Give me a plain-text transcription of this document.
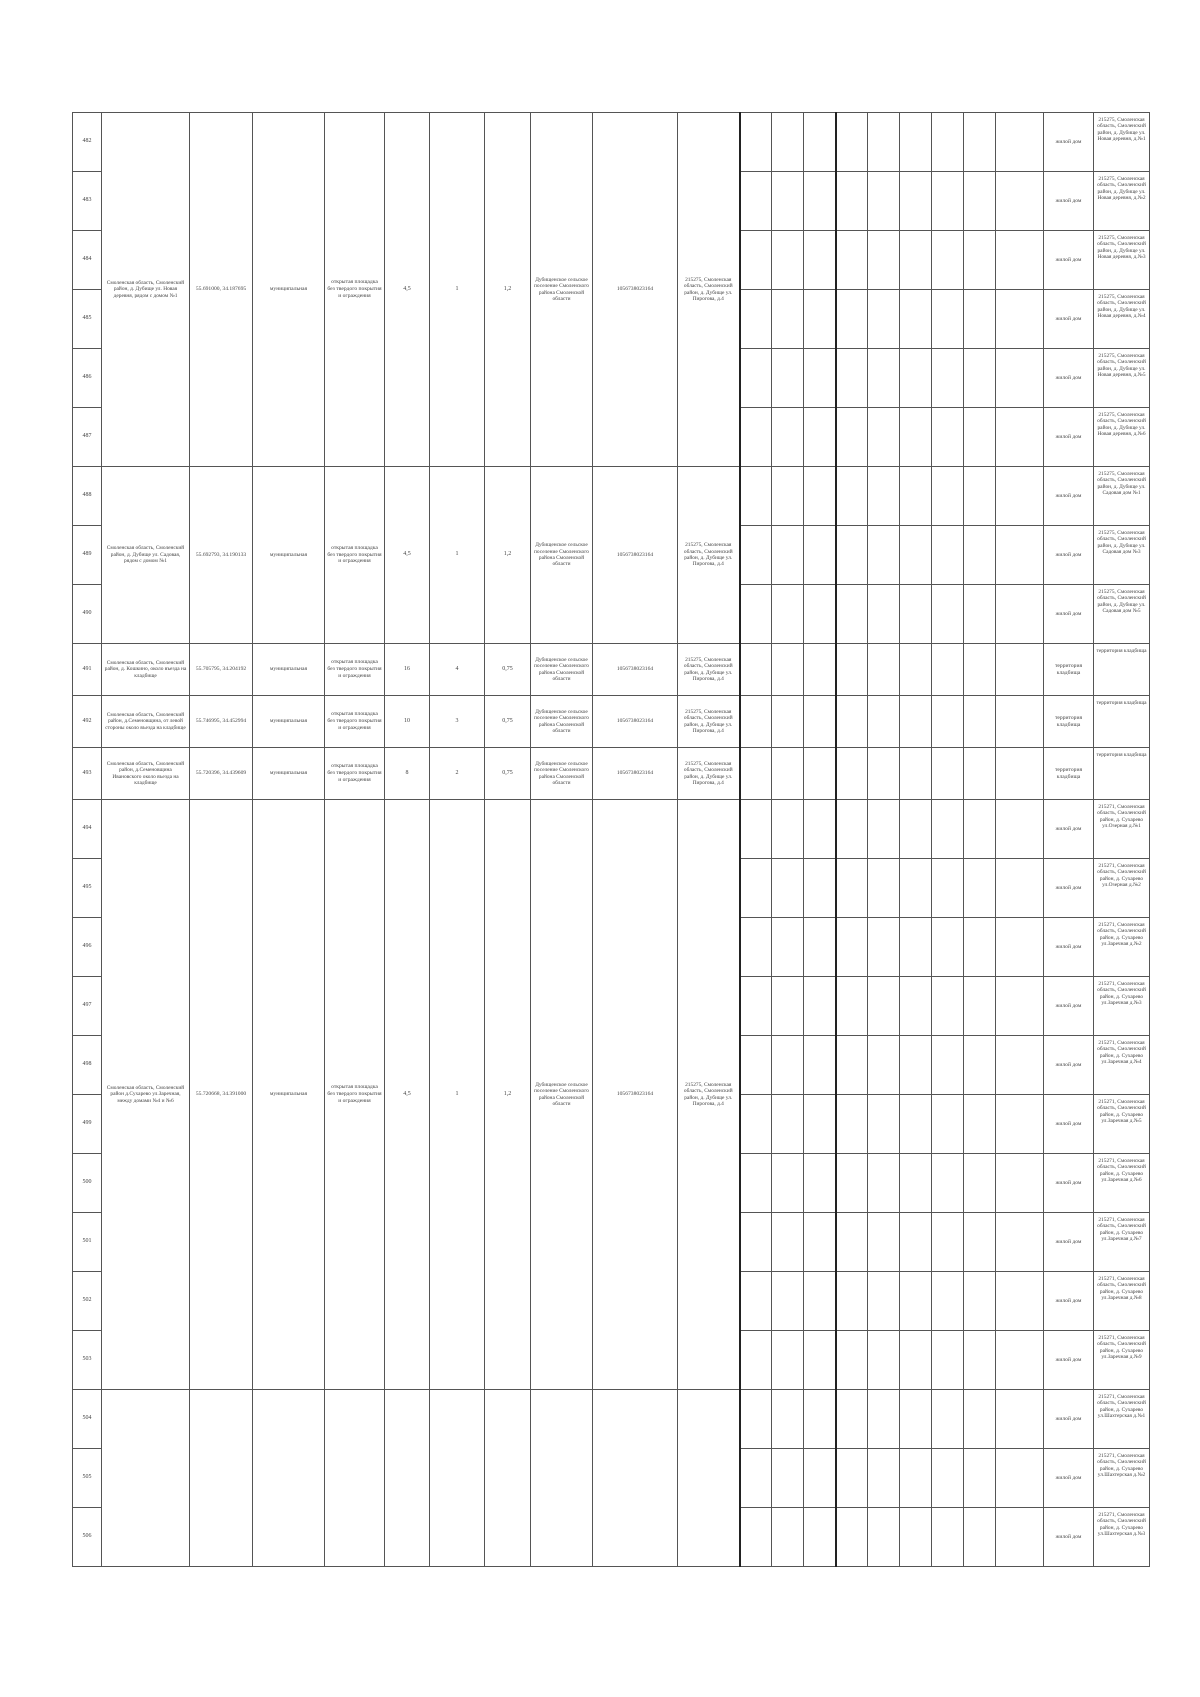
482	Смоленская область, Смоленский район, д. Дубище ул. Новая деревня, рядом с домом №1	55.691000, 34.187695	муниципальная	открытая площадка без твердого покрытия и ограждения	4,5	1	1,2	Дубищенское сельское поселение Смоленского района Смоленской области	1056738023164	215275, Смоленская область, Смоленский район, д. Дубище ул. Пирогова, д.4										жилой дом	215275, Смоленская область, Смоленский район, д. Дубище ул. Новая деревня, д.№1

483																				жилой дом	215275, Смоленская область, Смоленский район, д. Дубище ул. Новая деревня, д.№2

484																				жилой дом	215275, Смоленская область, Смоленский район, д. Дубище ул. Новая деревня, д.№3

485																				жилой дом	215275, Смоленская область, Смоленский район, д. Дубище ул. Новая деревня, д.№4

486																				жилой дом	215275, Смоленская область, Смоленский район, д. Дубище ул. Новая деревня, д.№5

487																				жилой дом	215275, Смоленская область, Смоленский район, д. Дубище ул. Новая деревня, д.№6

488	Смоленская область, Смоленский район, д. Дубище ул. Садовая, рядом с домом №1	55.692793, 34.190133	муниципальная	открытая площадка без твердого покрытия и ограждения	4,5	1	1,2	Дубищенское сельское поселение Смоленского района Смоленской области	1056738023164	215275, Смоленская область, Смоленский район, д. Дубище ул. Пирогова, д.4										жилой дом	215275, Смоленская область, Смоленский район, д. Дубище ул. Садовая дом №1

489																				жилой дом	215275, Смоленская область, Смоленский район, д. Дубище ул. Садовая дом №3

490																				жилой дом	215275, Смоленская область, Смоленский район, д. Дубище ул. Садовая дом №5

491	Смоленская область, Смоленский район, д. Кошкино, около въезда на кладбище	55.705795, 34.204192	муниципальная	открытая площадка без твердого покрытия и ограждения	16	4	0,75	Дубищенское сельское поселение Смоленского района Смоленской области	1056738023164	215275, Смоленская область, Смоленский район, д. Дубище ул. Пирогова, д.4										территория кладбища	территория кладбища

492	Смоленская область, Смоленский район, д.Семеновщина, от левой стороны около въезда на кладбище	55.746995, 34.452994	муниципальная	открытая площадка без твердого покрытия и ограждения	10	3	0,75	Дубищенское сельское поселение Смоленского района Смоленской области	1056738023164	215275, Смоленская область, Смоленский район, д. Дубище ул. Пирогова, д.4										территория кладбища	территория кладбища

493	Смоленская область, Смоленский район, д.Семеновщина Ивановского около въезда на кладбище	55.720396, 34.439609	муниципальная	открытая площадка без твердого покрытия и ограждения	8	2	0,75	Дубищенское сельское поселение Смоленского района Смоленской области	1056738023164	215275, Смоленская область, Смоленский район, д. Дубище ул. Пирогова, д.4										территория кладбища	территория кладбища

494	Смоленская область, Смоленский район д.Сухарево ул.Заречная, между домами №4 и №6	55.720668, 34.391000	муниципальная	открытая площадка без твердого покрытия и ограждения	4,5	1	1,2	Дубищенское сельское поселение Смоленского района Смоленской области	1056738023164	215275, Смоленская область, Смоленский район, д. Дубище ул. Пирогова, д.4										жилой дом	215271, Смоленская область, Смоленский район, д. Сухарево ул.Озерная д.№1

495																				жилой дом	215271, Смоленская область, Смоленский район, д. Сухарево ул.Озерная д.№2

496																				жилой дом	215271, Смоленская область, Смоленский район, д. Сухарево ул.Заречная д.№2

497																				жилой дом	215271, Смоленская область, Смоленский район, д. Сухарево ул.Заречная д.№3

498																				жилой дом	215271, Смоленская область, Смоленский район, д. Сухарево ул.Заречная д.№4

499																				жилой дом	215271, Смоленская область, Смоленский район, д. Сухарево ул.Заречная д.№5

500																				жилой дом	215271, Смоленская область, Смоленский район, д. Сухарево ул.Заречная д.№6

501																				жилой дом	215271, Смоленская область, Смоленский район, д. Сухарево ул.Заречная д.№7

502																				жилой дом	215271, Смоленская область, Смоленский район, д. Сухарево ул.Заречная д.№8

503																				жилой дом	215271, Смоленская область, Смоленский район, д. Сухарево ул.Заречная д.№9

504																				жилой дом	215271, Смоленская область, Смоленский район, д. Сухарево ул.Шахтерская д.№1

505																				жилой дом	215271, Смоленская область, Смоленский район, д. Сухарево ул.Шахтерская д.№2

506																				жилой дом	215271, Смоленская область, Смоленский район, д. Сухарево ул.Шахтерская д.№3
